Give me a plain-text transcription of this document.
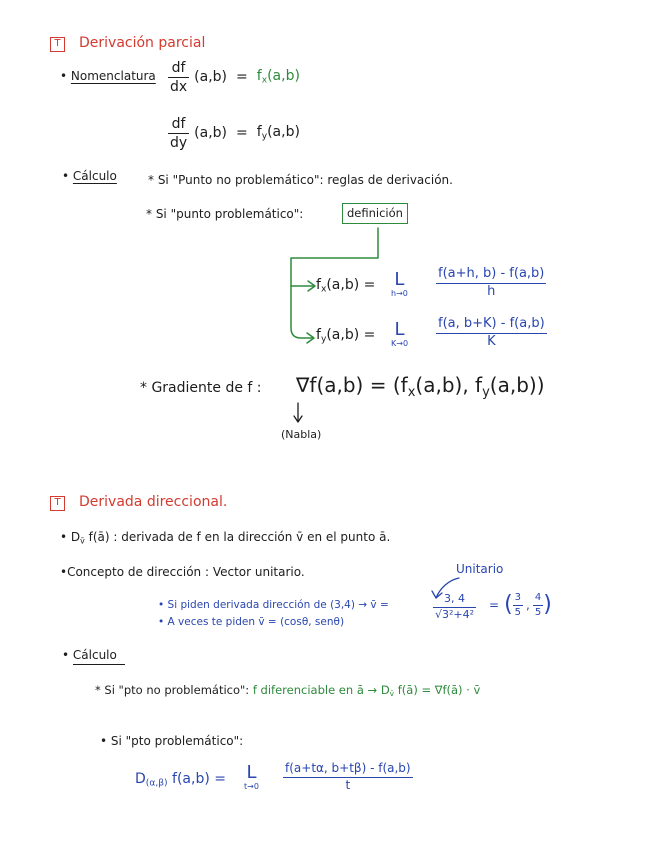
T	Derivación parcial
• Nomenclatura $\frac{df}{dx} (a,b) = f_x(a,b)$
$\frac{df}{dy} (a,b) = f_y(a,b)$
• Cálculo	* Si "Punto no problemático": reglas de derivación.
* Si "punto problemático":	definición
$f_x(a,b) = L$
$h\to 0 \frac{f(a+h, b) - f(a,b)}{h}$
$f_y(a,b) = L$
$K\to 0 \frac{f(a, b+K) - f(a,b)}{K}$
* Gradiente de f : $\nabla f(a,b) = (f_x(a,b)$, $f_y(a,b)$)
(Nabla)
T	Derivada direccional.
• $D_{v̄}$ f(ā) : derivada de f en la dirección v̄ en el punto ā.
•Concepto de dirección : Vector unitario.	Unitario
• Si piden derivada dirección de (3,4) → v̄ =	$\frac{3, 4}{\text{√3²+4²}}$ = ( $\frac{3}{5}$ , $\frac{4}{5}$ )
• A veces te piden v̄ = (cosθ, senθ)
• Cálculo
* Si "pto no problemático": f diferenciable en ā → $D_{v̄}$ f(ā) = ∇f(ā) · v̄
• Si "pto problemático":
$D_{(\alpha,\beta)}$ f(a,b) = L
$t\to 0 \frac{f(a+t\alpha, b+t\beta) - f(a,b)}{t}$
